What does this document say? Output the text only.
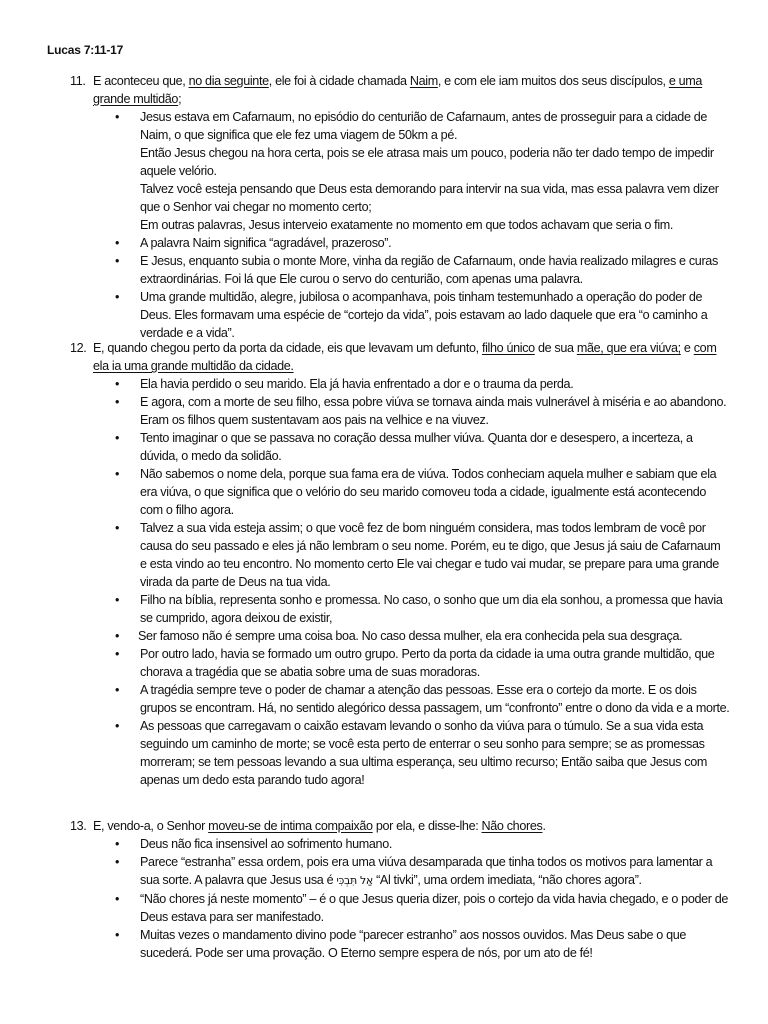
Lucas 7:11-17
11. E aconteceu que, no dia seguinte, ele foi à cidade chamada Naim, e com ele iam muitos dos seus discípulos, e uma grande multidão;
• Jesus estava em Cafarnaum, no episódio do centurião de Cafarnaum, antes de prosseguir para a cidade de Naim, o que significa que ele fez uma viagem de 50km a pé.
Então Jesus chegou na hora certa, pois se ele atrasa mais um pouco, poderia não ter dado tempo de impedir aquele velório.
Talvez você esteja pensando que Deus esta demorando para intervir na sua vida, mas essa palavra vem dizer que o Senhor vai chegar no momento certo;
Em outras palavras, Jesus interveio exatamente no momento em que todos achavam que seria o fim.
• A palavra Naim significa “agradável, prazeroso”.
• E Jesus, enquanto subia o monte More, vinha da região de Cafarnaum, onde havia realizado milagres e curas extraordinárias. Foi lá que Ele curou o servo do centurião, com apenas uma palavra.
• Uma grande multidão, alegre, jubilosa o acompanhava, pois tinham testemunhado a operação do poder de Deus. Eles formavam uma espécie de “cortejo da vida”, pois estavam ao lado daquele que era “o caminho a verdade e a vida”.
12. E, quando chegou perto da porta da cidade, eis que levavam um defunto, filho único de sua mãe, que era viúva; e com ela ia uma grande multidão da cidade.
• Ela havia perdido o seu marido. Ela já havia enfrentado a dor e o trauma da perda.
• E agora, com a morte de seu filho, essa pobre viúva se tornava ainda mais vulnerável à miséria e ao abandono. Eram os filhos quem sustentavam aos pais na velhice e na viuvez.
• Tento imaginar o que se passava no coração dessa mulher viúva. Quanta dor e desespero, a incerteza, a dúvida, o medo da solidão.
• Não sabemos o nome dela, porque sua fama era de viúva. Todos conheciam aquela mulher e sabiam que ela era viúva, o que significa que o velório do seu marido comoveu toda a cidade, igualmente está acontecendo com o filho agora.
• Talvez a sua vida esteja assim; o que você fez de bom ninguém considera, mas todos lembram de você por causa do seu passado e eles já não lembram o seu nome. Porém, eu te digo, que Jesus já saiu de Cafarnaum e esta vindo ao teu encontro. No momento certo Ele vai chegar e tudo vai mudar, se prepare para uma grande virada da parte de Deus na tua vida.
• Filho na bíblia, representa sonho e promessa. No caso, o sonho que um dia ela sonhou, a promessa que havia se cumprido, agora deixou de existir,
• Ser famoso não é sempre uma coisa boa. No caso dessa mulher, ela era conhecida pela sua desgraça.
• Por outro lado, havia se formado um outro grupo. Perto da porta da cidade ia uma outra grande multidão, que chorava a tragédia que se abatia sobre uma de suas moradoras.
• A tragédia sempre teve o poder de chamar a atenção das pessoas. Esse era o cortejo da morte. E os dois grupos se encontram. Há, no sentido alegórico dessa passagem, um “confronto” entre o dono da vida e a morte.
• As pessoas que carregavam o caixão estavam levando o sonho da viúva para o túmulo. Se a sua vida esta seguindo um caminho de morte; se você esta perto de enterrar o seu sonho para sempre; se as promessas morreram; se tem pessoas levando a sua ultima esperança, seu ultimo recurso; Então saiba que Jesus com apenas um dedo esta parando tudo agora!
13. E, vendo-a, o Senhor moveu-se de intima compaixão por ela, e disse-lhe: Não chores.
• Deus não fica insensivel ao sofrimento humano.
• Parece “estranha” essa ordem, pois era uma viúva desamparada que tinha todos os motivos para lamentar a sua sorte. A palavra que Jesus usa é אַל תִּבְכִּי “Al tivki”, uma ordem imediata, “não chores agora”.
• “Não chores já neste momento” – é o que Jesus queria dizer, pois o cortejo da vida havia chegado, e o poder de Deus estava para ser manifestado.
• Muitas vezes o mandamento divino pode “parecer estranho” aos nossos ouvidos. Mas Deus sabe o que sucederá. Pode ser uma provação. O Eterno sempre espera de nós, por um ato de fé!
